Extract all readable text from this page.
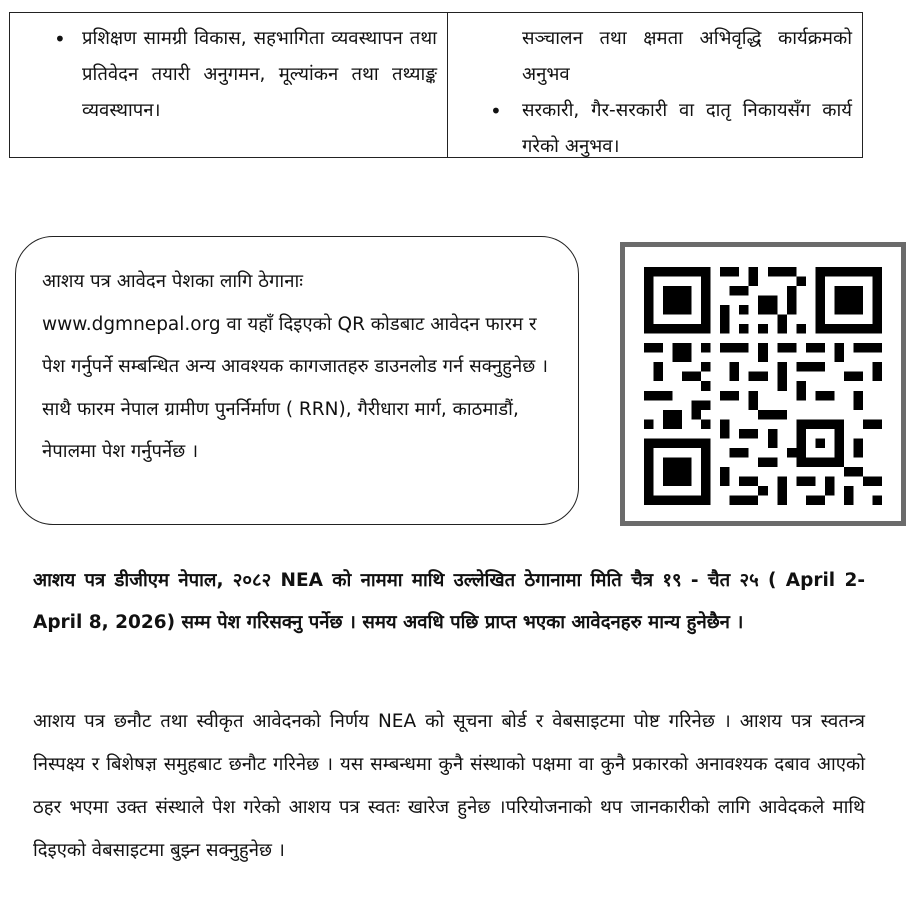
• प्रशिक्षण सामग्री विकास, सहभागिता व्यवस्थापन तथा प्रतिवेदन तयारी अनुगमन, मूल्यांकन तथा तथ्याङ्क व्यवस्थापन।
सञ्चालन तथा क्षमता अभिवृद्धि कार्यक्रमको अनुभव
• सरकारी, गैर-सरकारी वा दातृ निकायसँग कार्य गरेको अनुभव।

आशय पत्र आवेदन पेशका लागि ठेगानाः

www.dgmnepal.org वा यहाँ दिइएको QR कोडबाट आवेदन फारम र पेश गर्नुपर्ने सम्बन्धित अन्य आवश्यक कागजातहरु डाउनलोड गर्न सक्नुहुनेछ । साथै फारम नेपाल ग्रामीण पुनर्निर्माण ( RRN), गैरीधारा मार्ग, काठमाडौं, नेपालमा पेश गर्नुपर्नेछ ।

आशय पत्र डीजीएम नेपाल, २०८२ NEA को नाममा माथि उल्लेखित ठेगानामा मिति चैत्र १९ - चैत २५ ( April 2- April 8, 2026) सम्म पेश गरिसक्नु पर्नेछ । समय अवधि पछि प्राप्त भएका आवेदनहरु मान्य हुनेछैन ।

आशय पत्र छनौट तथा स्वीकृत आवेदनको निर्णय NEA को सूचना बोर्ड र वेबसाइटमा पोष्ट गरिनेछ । आशय पत्र स्वतन्त्र निस्पक्ष्य र बिशेषज्ञ समुहबाट छनौट गरिनेछ । यस सम्बन्धमा कुनै संस्थाको पक्षमा वा कुनै प्रकारको अनावश्यक दबाव आएको ठहर भएमा उक्त संस्थाले पेश गरेको आशय पत्र स्वतः खारेज हुनेछ ।परियोजनाको थप जानकारीको लागि आवेदकले माथि दिइएको वेबसाइटमा बुझ्न सक्नुहुनेछ ।
